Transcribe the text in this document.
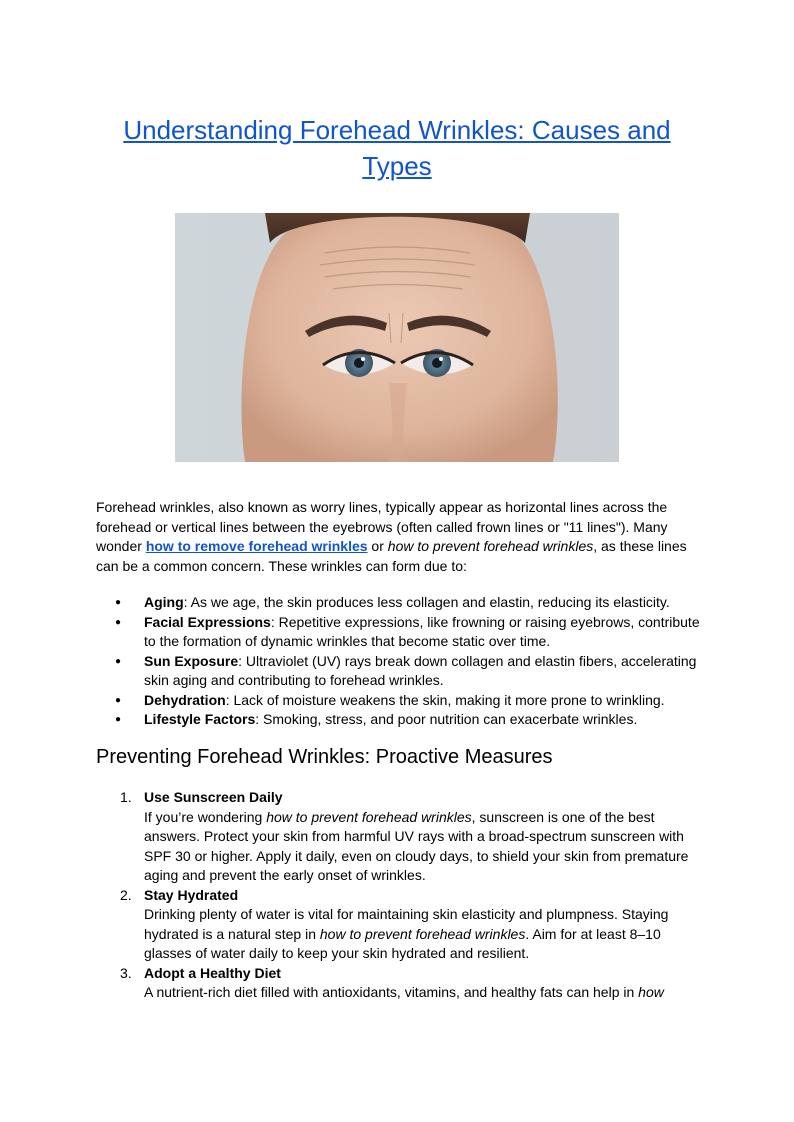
Understanding Forehead Wrinkles: Causes and Types

Forehead wrinkles, also known as worry lines, typically appear as horizontal lines across the forehead or vertical lines between the eyebrows (often called frown lines or "11 lines"). Many wonder how to remove forehead wrinkles or how to prevent forehead wrinkles, as these lines can be a common concern. These wrinkles can form due to:

● Aging: As we age, the skin produces less collagen and elastin, reducing its elasticity.
● Facial Expressions: Repetitive expressions, like frowning or raising eyebrows, contribute to the formation of dynamic wrinkles that become static over time.
● Sun Exposure: Ultraviolet (UV) rays break down collagen and elastin fibers, accelerating skin aging and contributing to forehead wrinkles.
● Dehydration: Lack of moisture weakens the skin, making it more prone to wrinkling.
● Lifestyle Factors: Smoking, stress, and poor nutrition can exacerbate wrinkles.
Preventing Forehead Wrinkles: Proactive Measures
1. Use Sunscreen Daily
If you’re wondering how to prevent forehead wrinkles, sunscreen is one of the best answers. Protect your skin from harmful UV rays with a broad-spectrum sunscreen with SPF 30 or higher. Apply it daily, even on cloudy days, to shield your skin from premature aging and prevent the early onset of wrinkles.
2. Stay Hydrated
Drinking plenty of water is vital for maintaining skin elasticity and plumpness. Staying hydrated is a natural step in how to prevent forehead wrinkles. Aim for at least 8–10 glasses of water daily to keep your skin hydrated and resilient.
3. Adopt a Healthy Diet
A nutrient-rich diet filled with antioxidants, vitamins, and healthy fats can help in how
